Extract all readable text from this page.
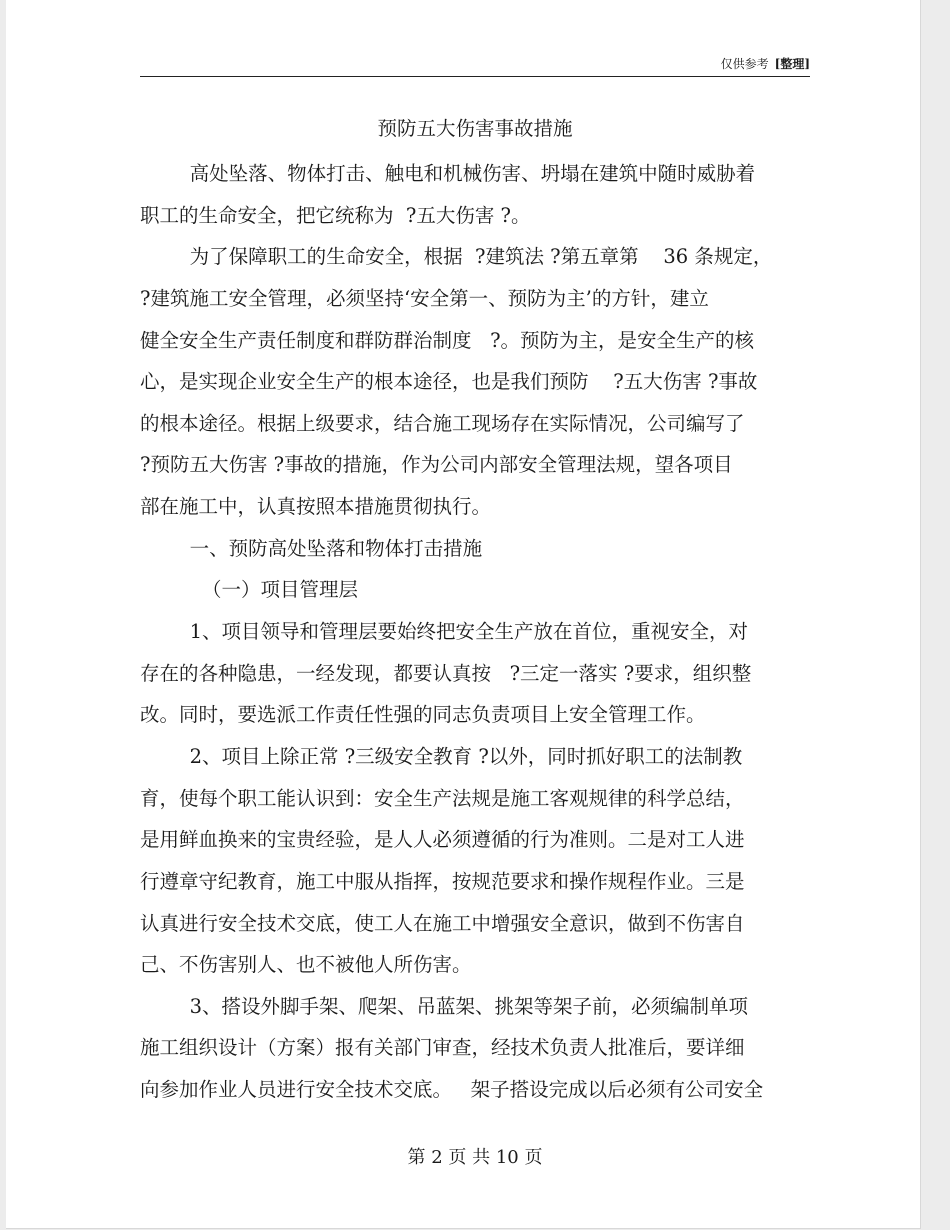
仅供参考 [整理]
预防五大伤害事故措施
高处坠落、物体打击、触电和机械伤害、坍塌在建筑中随时威胁着
职工的生命安全，把它统称为  ?五大伤害 ?。
为了保障职工的生命安全，根据  ?建筑法 ?第五章第    36 条规定，
?建筑施工安全管理，必须坚持‘安全第一、预防为主’的方针，建立
健全安全生产责任制度和群防群治制度   ?。预防为主，是安全生产的核
心，是实现企业安全生产的根本途径，也是我们预防    ?五大伤害 ?事故
的根本途径。根据上级要求，结合施工现场存在实际情况，公司编写了
?预防五大伤害 ?事故的措施，作为公司内部安全管理法规，望各项目
部在施工中，认真按照本措施贯彻执行。
一、预防高处坠落和物体打击措施
（一）项目管理层
1、项目领导和管理层要始终把安全生产放在首位，重视安全，对
存在的各种隐患，一经发现，都要认真按   ?三定一落实 ?要求，组织整
改。同时，要选派工作责任性强的同志负责项目上安全管理工作。
2、项目上除正常 ?三级安全教育 ?以外，同时抓好职工的法制教
育，使每个职工能认识到：安全生产法规是施工客观规律的科学总结，
是用鲜血换来的宝贵经验，是人人必须遵循的行为准则。二是对工人进
行遵章守纪教育，施工中服从指挥，按规范要求和操作规程作业。三是
认真进行安全技术交底，使工人在施工中增强安全意识，做到不伤害自
己、不伤害别人、也不被他人所伤害。
3、搭设外脚手架、爬架、吊蓝架、挑架等架子前，必须编制单项
施工组织设计（方案）报有关部门审查，经技术负责人批准后，要详细
向参加作业人员进行安全技术交底。   架子搭设完成以后必须有公司安全
第 2 页 共 10 页
